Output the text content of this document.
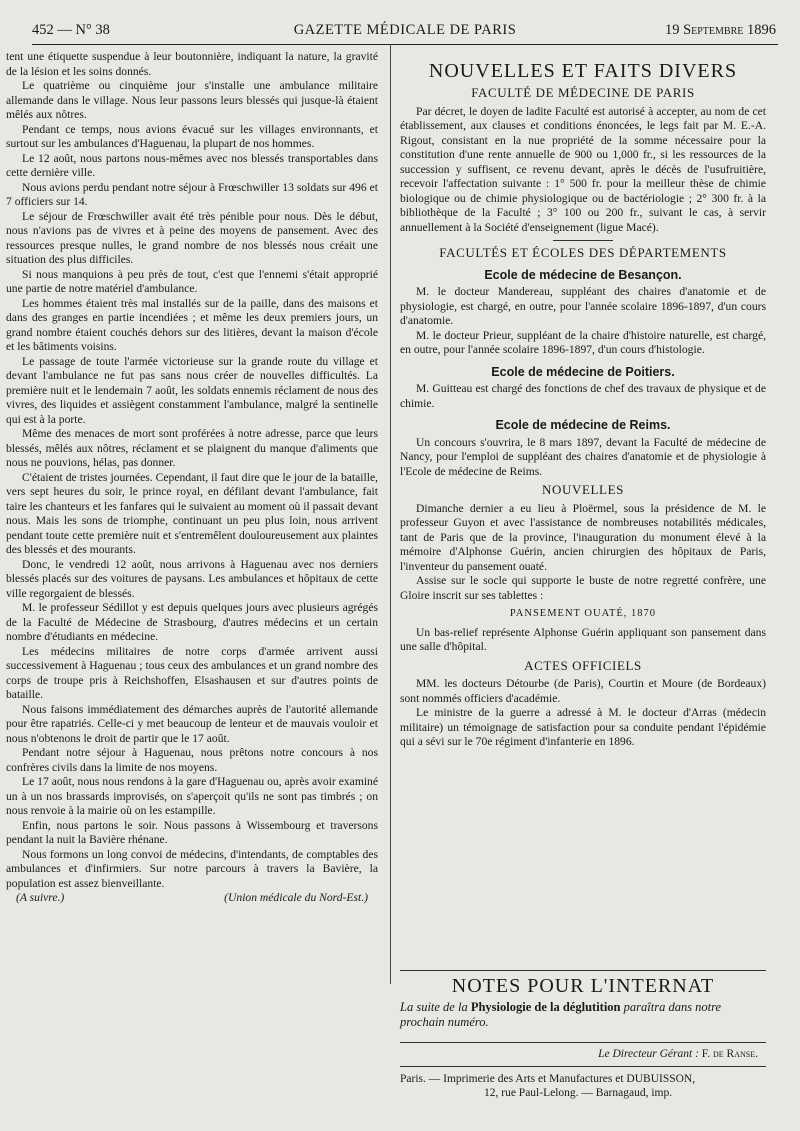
452 — N° 38	GAZETTE MÉDICALE DE PARIS	19 Septembre 1896

tent une étiquette suspendue à leur boutonnière, indiquant la nature, la gravité de la lésion et les soins donnés.

Le quatrième ou cinquième jour s'installe une ambulance militaire allemande dans le village. Nous leur passons leurs blessés qui jusque-là étaient mêlés aux nôtres.

Pendant ce temps, nous avions évacué sur les villages environnants, et surtout sur les ambulances d'Haguenau, la plupart de nos hommes.

Le 12 août, nous partons nous-mêmes avec nos blessés transportables dans cette dernière ville.

Nous avions perdu pendant notre séjour à Frœschwiller 13 soldats sur 496 et 7 officiers sur 14.

Le séjour de Frœschwiller avait été très pénible pour nous. Dès le début, nous n'avions pas de vivres et à peine des moyens de pansement. Avec des ressources presque nulles, le grand nombre de nos blessés nous créait une situation des plus difficiles.

Si nous manquions à peu près de tout, c'est que l'ennemi s'était approprié une partie de notre matériel d'ambulance.

Les hommes étaient très mal installés sur de la paille, dans des maisons et dans des granges en partie incendiées ; et même les deux premiers jours, un grand nombre étaient couchés dehors sur des litières, devant la maison d'école et les bâtiments voisins.

Le passage de toute l'armée victorieuse sur la grande route du village et devant l'ambulance ne fut pas sans nous créer de nouvelles difficultés. La première nuit et le lendemain 7 août, les soldats ennemis réclament de nous des vivres, des liquides et assiègent constamment l'ambulance, malgré la sentinelle qui est à la porte.

Même des menaces de mort sont proférées à notre adresse, parce que leurs blessés, mêlés aux nôtres, réclament et se plaignent du manque d'aliments que nous ne pouvions, hélas, pas donner.

C'étaient de tristes journées. Cependant, il faut dire que le jour de la bataille, vers sept heures du soir, le prince royal, en défilant devant l'ambulance, fait taire les chanteurs et les fanfares qui le suivaient au moment où il passait devant nous. Mais les sons de triomphe, continuant un peu plus loin, nous arrivent pendant toute cette première nuit et s'entremêlent douloureusement aux plaintes des blessés et des mourants.

Donc, le vendredi 12 août, nous arrivons à Haguenau avec nos derniers blessés placés sur des voitures de paysans. Les ambulances et hôpitaux de cette ville regorgaient de blessés.

M. le professeur Sédillot y est depuis quelques jours avec plusieurs agrégés de la Faculté de Médecine de Strasbourg, d'autres médecins et un certain nombre d'étudiants en médecine.

Les médecins militaires de notre corps d'armée arrivent aussi successivement à Haguenau ; tous ceux des ambulances et un grand nombre des corps de troupe pris à Reichshoffen, Elsashausen et sur d'autres points de bataille.

Nous faisons immédiatement des démarches auprès de l'autorité allemande pour être rapatriés. Celle-ci y met beaucoup de lenteur et de mauvais vouloir et nous n'obtenons le droit de partir que le 17 août.

Pendant notre séjour à Haguenau, nous prêtons notre concours à nos confrères civils dans la limite de nos moyens.

Le 17 août, nous nous rendons à la gare d'Haguenau ou, après avoir examiné un à un nos brassards improvisés, on s'aperçoit qu'ils ne sont pas timbrés ; on nous renvoie à la mairie où on les estampille.

Enfin, nous partons le soir. Nous passons à Wissembourg et traversons pendant la nuit la Bavière rhénane.

Nous formons un long convoi de médecins, d'intendants, de comptables des ambulances et d'infirmiers. Sur notre parcours à travers la Bavière, la population est assez bienveillante.

(A suivre.)	(Union médicale du Nord-Est.)
NOUVELLES ET FAITS DIVERS
FACULTÉ DE MÉDECINE DE PARIS

Par décret, le doyen de ladite Faculté est autorisé à accepter, au nom de cet établissement, aux clauses et conditions énoncées, le legs fait par M. E.-A. Rigout, consistant en la nue propriété de la somme nécessaire pour la constitution d'une rente annuelle de 900 ou 1,000 fr., si les ressources de la succession y suffisent, ce revenu devant, après le décès de l'usufruitière, recevoir l'affectation suivante : 1° 500 fr. pour la meilleur thèse de chimie biologique ou de chimie physiologique ou de bactériologie ; 2° 300 fr. à la bibliothèque de la Faculté ; 3° 100 ou 200 fr., suivant le cas, à servir annuellement à la Société d'enseignement (ligue Macé).

FACULTÉS ET ÉCOLES DES DÉPARTEMENTS
Ecole de médecine de Besançon.

M. le docteur Mandereau, suppléant des chaires d'anatomie et de physiologie, est chargé, en outre, pour l'année scolaire 1896-1897, d'un cours d'anatomie.

M. le docteur Prieur, suppléant de la chaire d'histoire naturelle, est chargé, en outre, pour l'année scolaire 1896-1897, d'un cours d'histologie.

Ecole de médecine de Poitiers.

M. Guitteau est chargé des fonctions de chef des travaux de physique et de chimie.

Ecole de médecine de Reims.

Un concours s'ouvrira, le 8 mars 1897, devant la Faculté de médecine de Nancy, pour l'emploi de suppléant des chaires d'anatomie et de physiologie à l'Ecole de médecine de Reims.

NOUVELLES

Dimanche dernier a eu lieu à Ploërmel, sous la présidence de M. le professeur Guyon et avec l'assistance de nombreuses notabilités médicales, tant de Paris que de la province, l'inauguration du monument élevé à la mémoire d'Alphonse Guérin, ancien chirurgien des hôpitaux de Paris, l'inventeur du pansement ouaté.

Assise sur le socle qui supporte le buste de notre regretté confrère, une Gloire inscrit sur ses tablettes :

PANSEMENT OUATÉ, 1870

Un bas-relief représente Alphonse Guérin appliquant son pansement dans une salle d'hôpital.

ACTES OFFICIELS

MM. les docteurs Détourbe (de Paris), Courtin et Moure (de Bordeaux) sont nommés officiers d'académie.

Le ministre de la guerre a adressé à M. le docteur d'Arras (médecin militaire) un témoignage de satisfaction pour sa conduite pendant l'épidémie qui a sévi sur le 70e régiment d'infanterie en 1896.

NOTES POUR L'INTERNAT
La suite de la Physiologie de la déglutition paraîtra dans notre prochain numéro.
Le Directeur Gérant : F. de Ranse.
Paris. — Imprimerie des Arts et Manufactures et DUBUISSON,
12, rue Paul-Lelong. — Barnagaud, imp.
